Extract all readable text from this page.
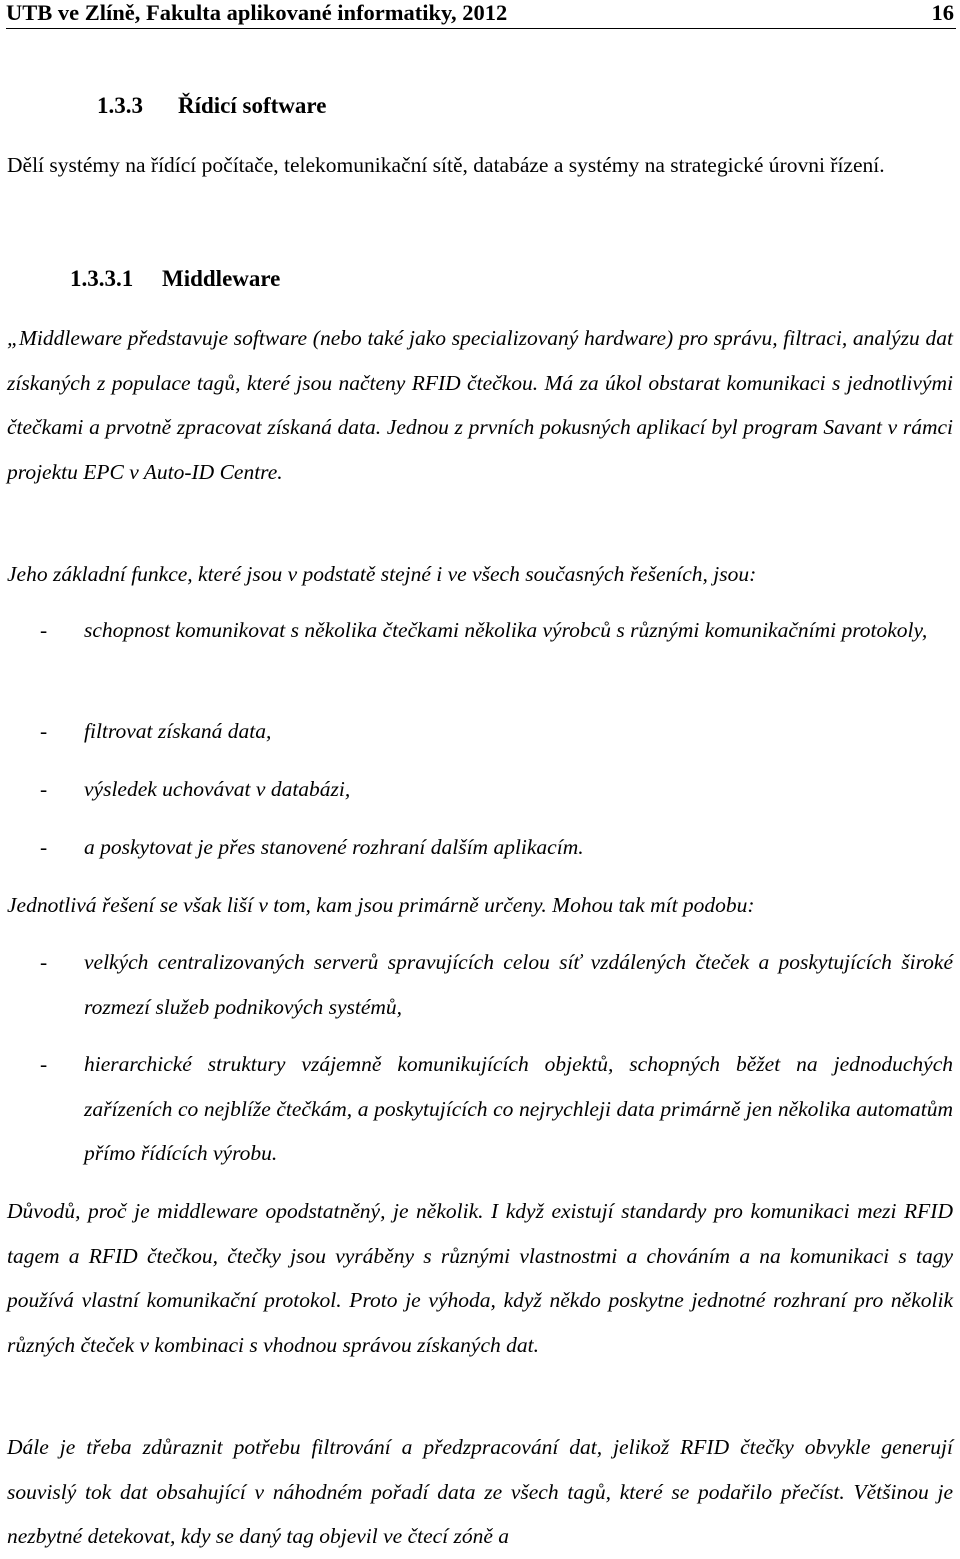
UTB ve Zlíně, Fakulta aplikované informatiky, 2012	16
1.3.3 Řídicí software
Dělí systémy na řídící počítače, telekomunikační sítě, databáze a systémy na strategické úrovni řízení.
1.3.3.1 Middleware
„Middleware představuje software (nebo také jako specializovaný hardware) pro správu, filtraci, analýzu dat získaných z populace tagů, které jsou načteny RFID čtečkou. Má za úkol obstarat komunikaci s jednotlivými čtečkami a prvotně zpracovat získaná data. Jednou z prvních pokusných aplikací byl program Savant v rámci projektu EPC v Auto-ID Centre.
Jeho základní funkce, které jsou v podstatě stejné i ve všech současných řešeních, jsou:
- schopnost komunikovat s několika čtečkami několika výrobců s různými komunikačními protokoly,
- filtrovat získaná data,
- výsledek uchovávat v databázi,
- a poskytovat je přes stanovené rozhraní dalším aplikacím.
Jednotlivá řešení se však liší v tom, kam jsou primárně určeny. Mohou tak mít podobu:
- velkých centralizovaných serverů spravujících celou síť vzdálených čteček a poskytujících široké rozmezí služeb podnikových systémů,
- hierarchické struktury vzájemně komunikujících objektů, schopných běžet na jednoduchých zařízeních co nejblíže čtečkám, a poskytujících co nejrychleji data primárně jen několika automatům přímo řídících výrobu.
Důvodů, proč je middleware opodstatněný, je několik. I když existují standardy pro komunikaci mezi RFID tagem a RFID čtečkou, čtečky jsou vyráběny s různými vlastnostmi a chováním a na komunikaci s tagy používá vlastní komunikační protokol. Proto je výhoda, když někdo poskytne jednotné rozhraní pro několik různých čteček v kombinaci s vhodnou správou získaných dat.
Dále je třeba zdůraznit potřebu filtrování a předzpracování dat, jelikož RFID čtečky obvykle generují souvislý tok dat obsahující v náhodném pořadí data ze všech tagů, které se podařilo přečíst. Většinou je nezbytné detekovat, kdy se daný tag objevil ve čtecí zóně a
